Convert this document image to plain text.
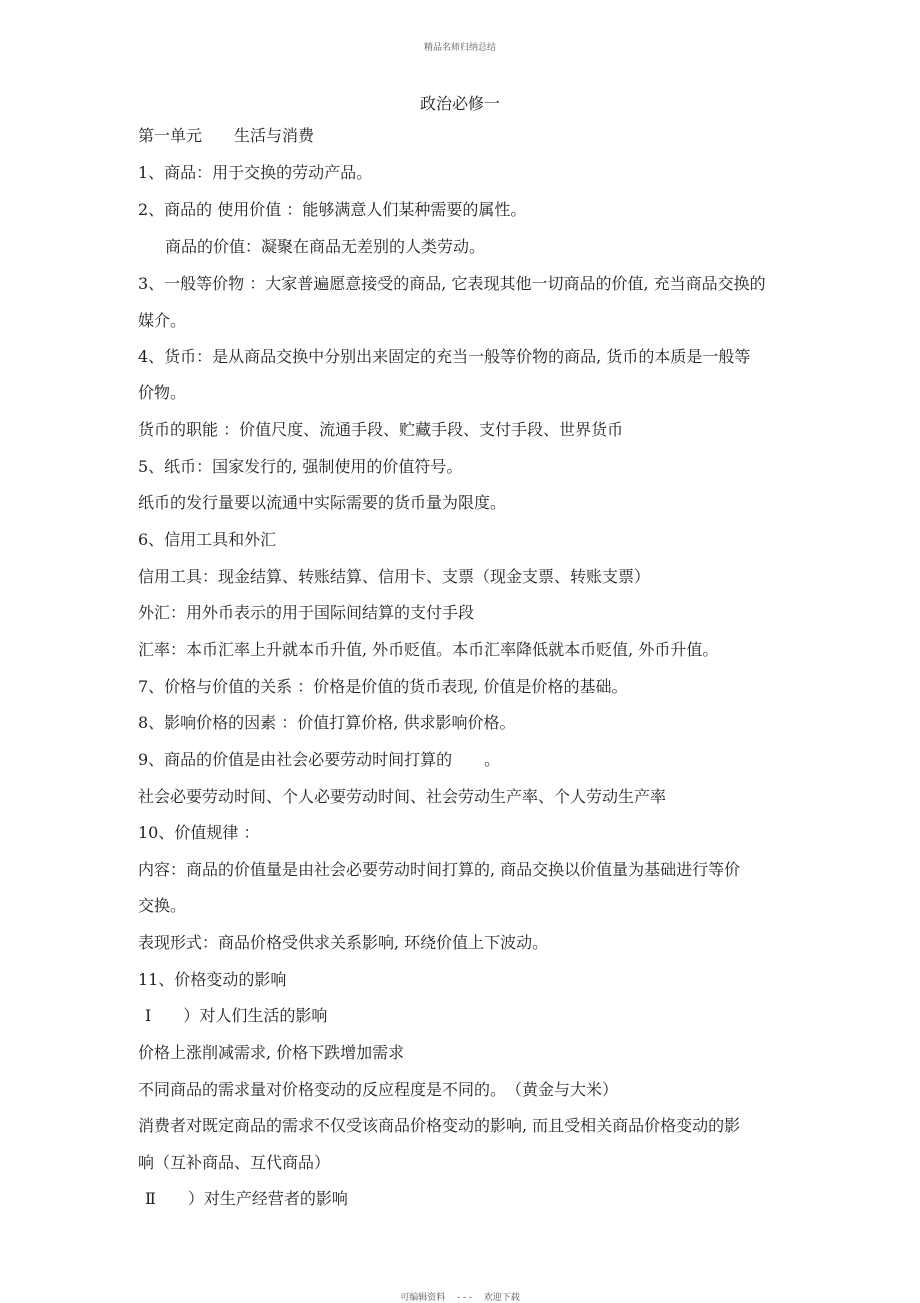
精品名师归纳总结
政治必修一
第一单元　　生活与消费
1、商品：用于交换的劳动产品。
2、商品的 使用价值 ：能够满意人们某种需要的属性。
商品的价值：凝聚在商品无差别的人类劳动。
3、一般等价物 ：大家普遍愿意接受的商品, 它表现其他一切商品的价值, 充当商品交换的
媒介。
4、货币：是从商品交换中分别出来固定的充当一般等价物的商品, 货币的本质是一般等
价物。
货币的职能 ：价值尺度、流通手段、贮藏手段、支付手段、世界货币
5、纸币：国家发行的, 强制使用的价值符号。
纸币的发行量要以流通中实际需要的货币量为限度。
6、信用工具和外汇
信用工具：现金结算、转账结算、信用卡、支票（现金支票、转账支票）
外汇：用外币表示的用于国际间结算的支付手段
汇率：本币汇率上升就本币升值, 外币贬值。本币汇率降低就本币贬值, 外币升值。
7、价格与价值的关系 ：价格是价值的货币表现, 价值是价格的基础。
8、影响价格的因素 ：价值打算价格, 供求影响价格。
9、商品的价值是由社会必要劳动时间打算的　　。
社会必要劳动时间、个人必要劳动时间、社会劳动生产率、个人劳动生产率
10、价值规律 ：
内容：商品的价值量是由社会必要劳动时间打算的, 商品交换以价值量为基础进行等价
交换。
表现形式：商品价格受供求关系影响, 环绕价值上下波动。
11、价格变动的影响
Ⅰ　　）对人们生活的影响
价格上涨削减需求, 价格下跌增加需求
不同商品的需求量对价格变动的反应程度是不同的。　（黄金与大米）
消费者对既定商品的需求不仅受该商品价格变动的影响, 而且受相关商品价格变动的影
响（互补商品、互代商品）
Ⅱ　　）对生产经营者的影响
可编辑资料　 - - -　 欢迎下载
